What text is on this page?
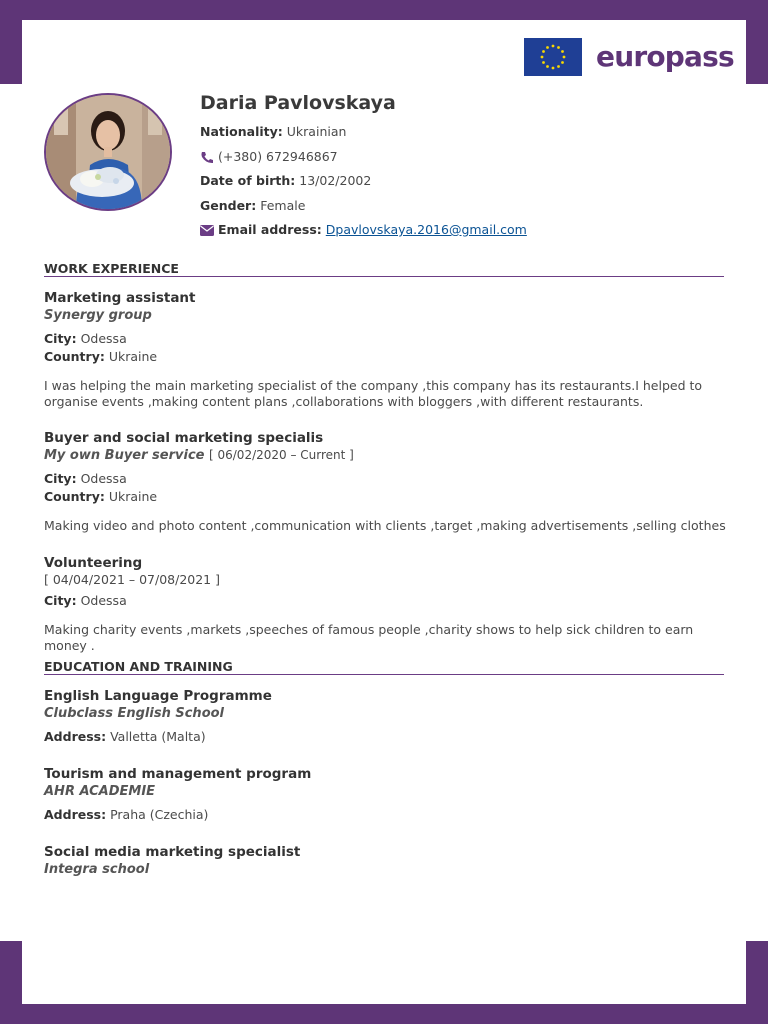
europass
Daria Pavlovskaya
Nationality: Ukrainian
(+380) 672946867
Date of birth: 13/02/2002
Gender: Female
Email address: Dpavlovskaya.2016@gmail.com
WORK EXPERIENCE

Marketing assistant

Synergy group

City: Odessa

Country: Ukraine

I was helping the main marketing specialist of the company ,this company has its restaurants.I helped to organise events ,making content plans ,collaborations with bloggers ,with different restaurants.

Buyer and social marketing specialis

My own Buyer service [ 06/02/2020 – Current ]

City: Odessa

Country: Ukraine

Making video and photo content ,communication with clients ,target ,making advertisements ,selling clothes

Volunteering

[ 04/04/2021 – 07/08/2021 ]

City: Odessa

Making charity events ,markets ,speeches of famous people ,charity shows to help sick children to earn money .

EDUCATION AND TRAINING

English Language Programme

Clubclass English School

Address: Valletta (Malta)

Tourism and management program

AHR ACADEMIE

Address: Praha (Czechia)

Social media marketing specialist

Integra school
